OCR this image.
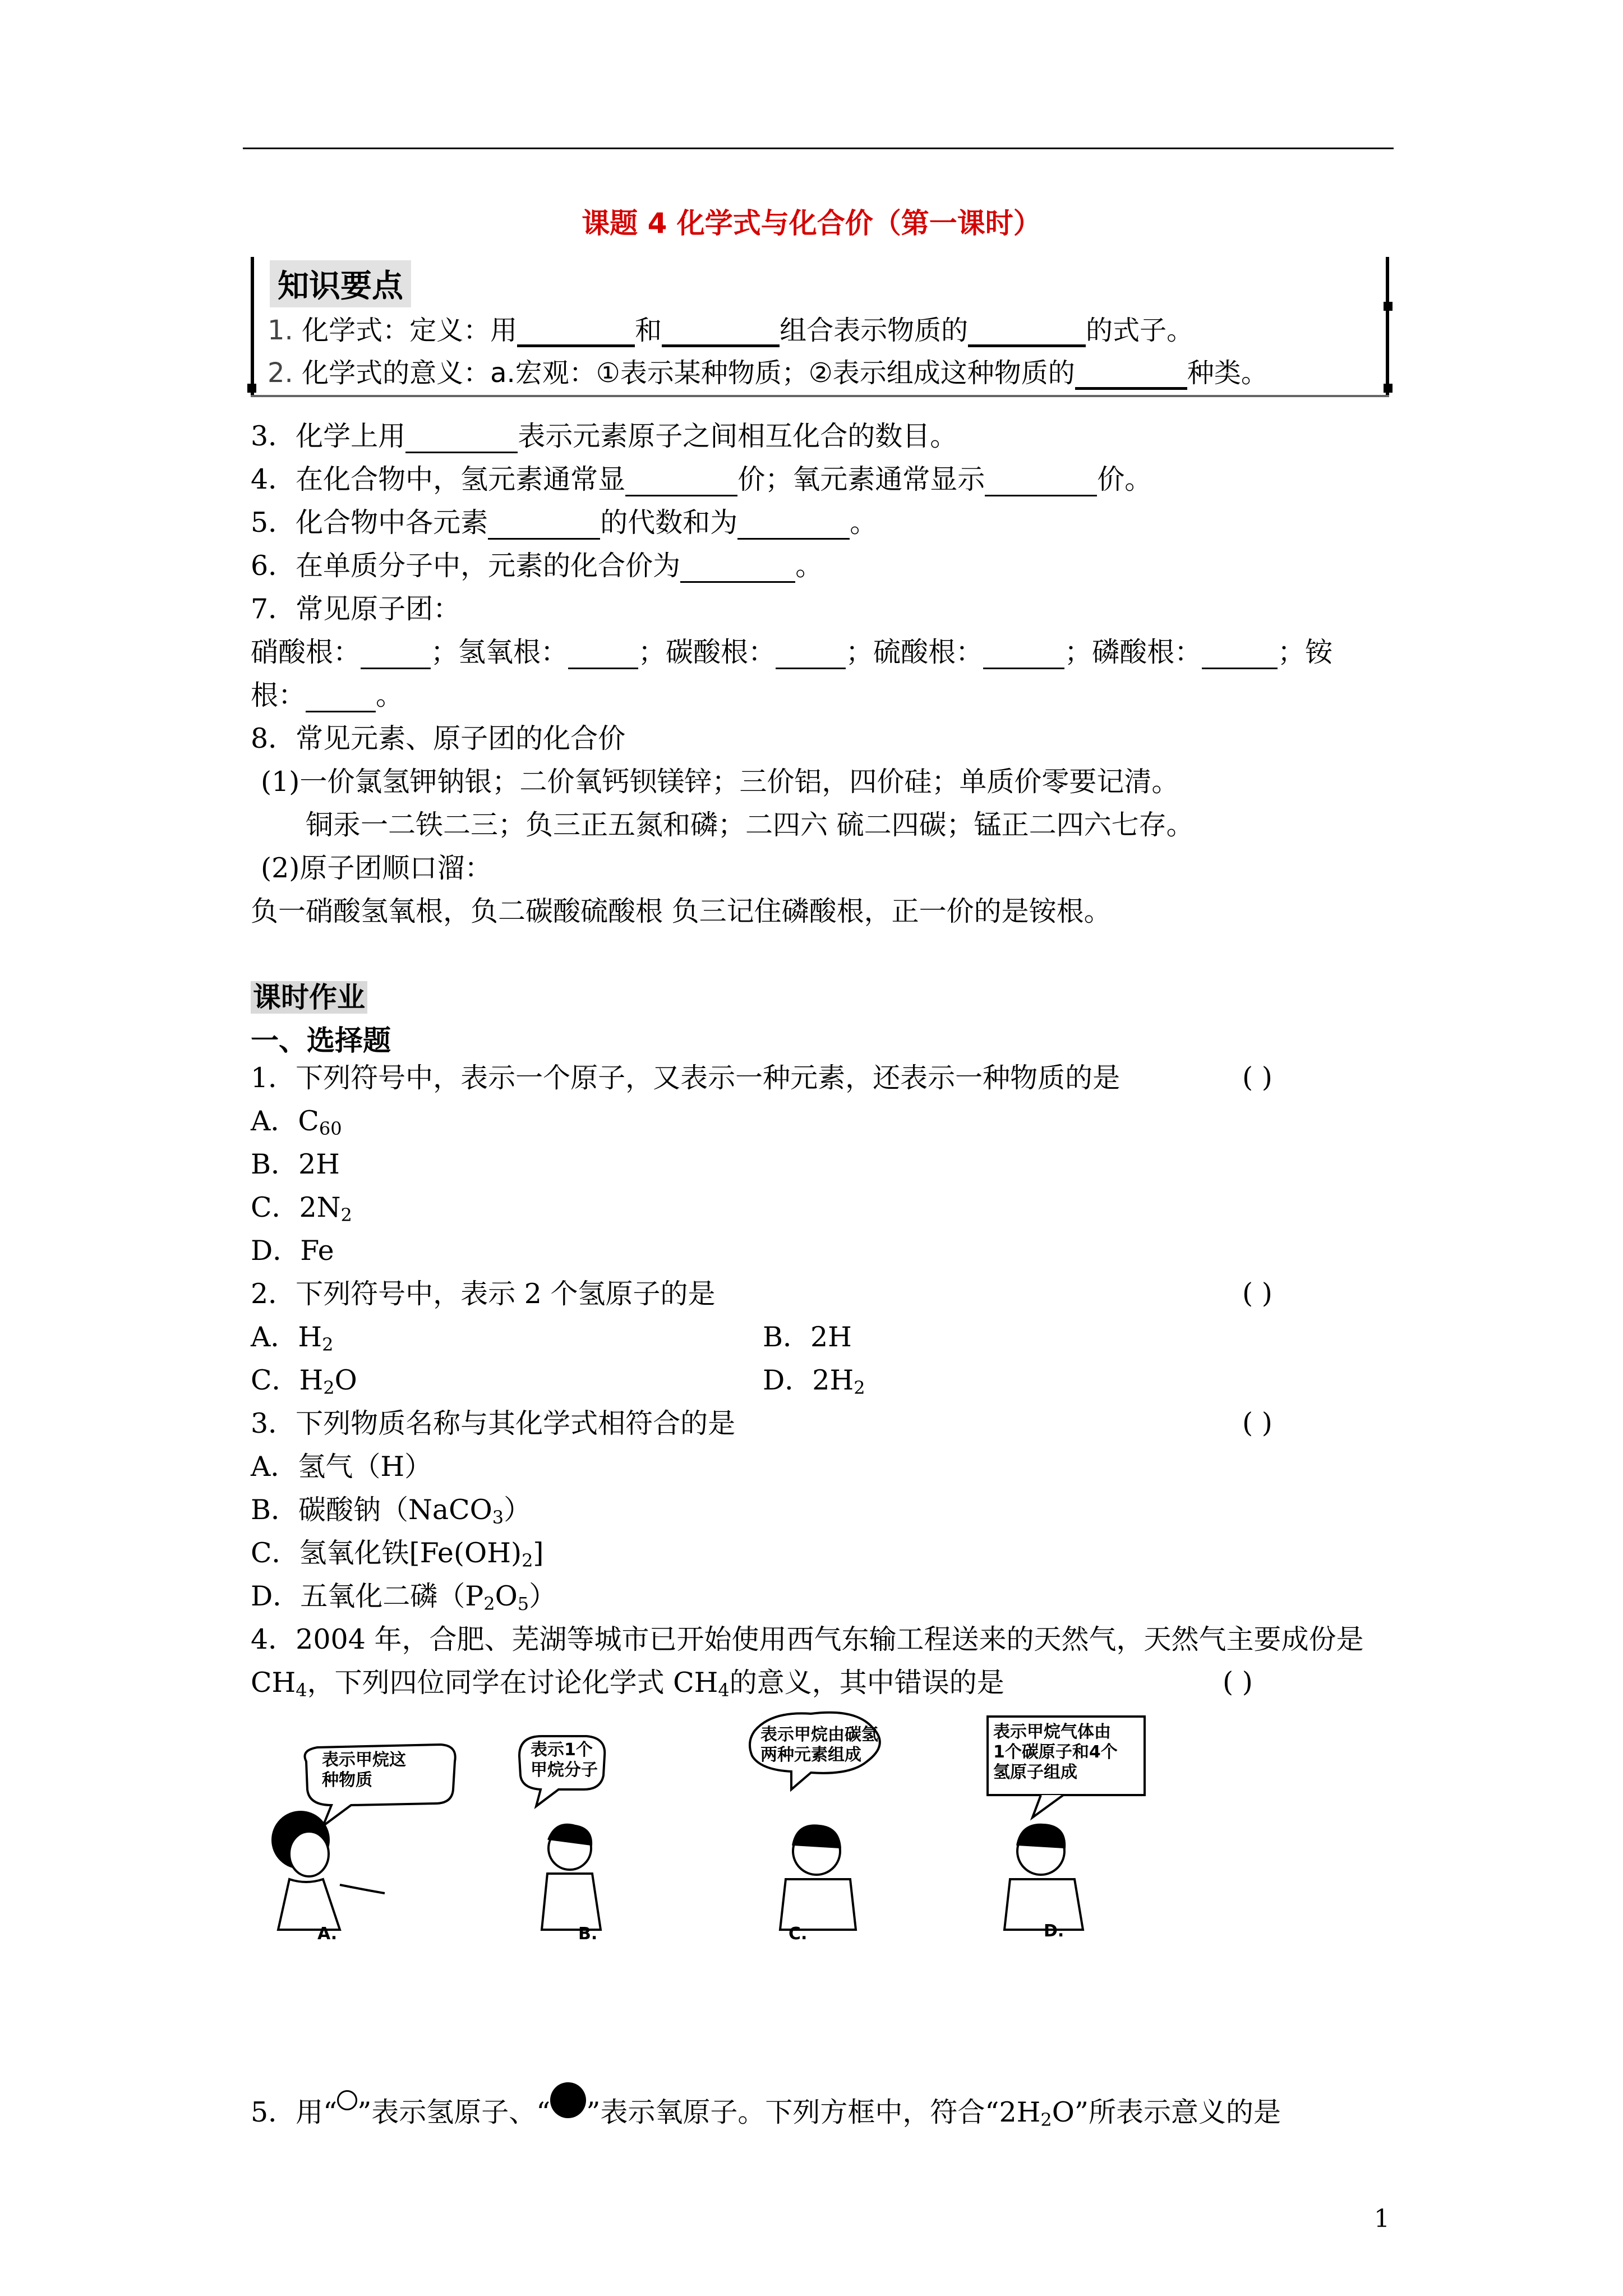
课题 4 化学式与化合价（第一课时）
知识要点
1. 化学式：定义：用	和	组合表示物质的	的式子。
2. 化学式的意义：a.宏观：①表示某种物质；②表示组成这种物质的	种类。
3．化学上用	表示元素原子之间相互化合的数目。
4．在化合物中，氢元素通常显	价；氧元素通常显示	价。
5．化合物中各元素	的代数和为	。
6．在单质分子中，元素的化合价为	。
7．常见原子团：
硝酸根：	；氢氧根：	；碳酸根：	；硫酸根：	；磷酸根：	；铵
根：	。
8．常见元素、原子团的化合价
(1)一价氯氢钾钠银；二价氧钙钡镁锌；三价铝，四价硅；单质价零要记清。
铜汞一二铁二三；负三正五氮和磷；二四六 硫二四碳；锰正二四六七存。
(2)原子团顺口溜：
负一硝酸氢氧根，负二碳酸硫酸根 负三记住磷酸根，正一价的是铵根。
课时作业
一、选择题
1．下列符号中，表示一个原子，又表示一种元素，还表示一种物质的是	( )
A．$C_{60}$
B．2H
C．$2N_2$
D．Fe
2．下列符号中，表示 2 个氢原子的是	( )
A．$H_2$	B．2H
C．$H_2O$	D．$2H_2$
3．下列物质名称与其化学式相符合的是	( )
A．氢气（H）
B．碳酸钠（NaCO$_3$）
C．氢氧化铁$[Fe(OH)_2]$
D．五氧化二磷$(P_2O_5)$
4．2004 年，合肥、芜湖等城市已开始使用西气东输工程送来的天然气，天然气主要成份是
$CH_4$，下列四位同学在讨论化学式 $CH_4$的意义，其中错误的是	( )
表示甲烷这
种物质
表示1个
甲烷分子
表示甲烷由碳氢
两种元素组成
表示甲烷气体由
1个碳原子和4个
氢原子组成
A.	B.	C.	D.
5．用“ ”表示氢原子、“ ”表示氧原子。下列方框中，符合“$2H_2O$”所表示意义的是
1
